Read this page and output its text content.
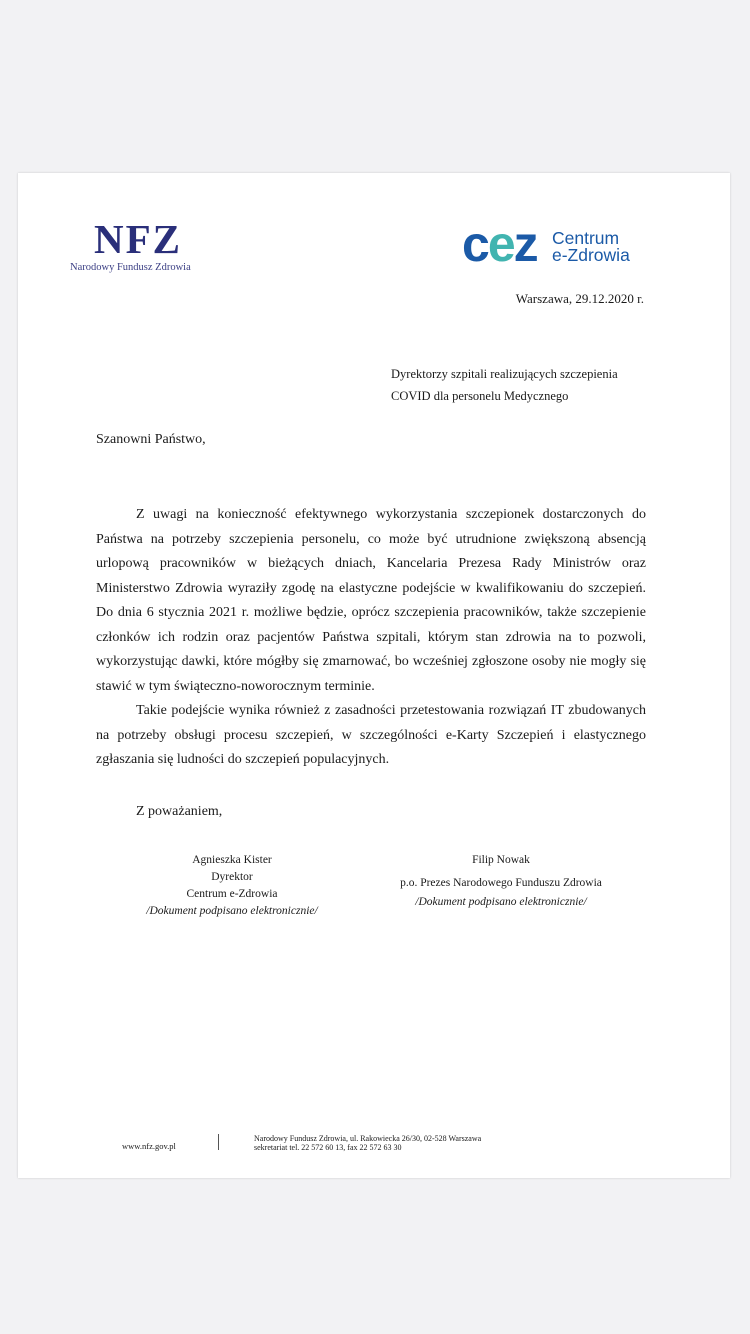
NFZ
Narodowy Fundusz Zdrowia	cez Centrum
e-Zdrowia
Warszawa, 29.12.2020 r.
Dyrektorzy szpitali realizujących szczepienia
COVID dla personelu Medycznego
Szanowni Państwo,

Z uwagi na konieczność efektywnego wykorzystania szczepionek dostarczonych do Państwa na potrzeby szczepienia personelu, co może być utrudnione zwiększoną absencją urlopową pracowników w bieżących dniach, Kancelaria Prezesa Rady Ministrów oraz Ministerstwo Zdrowia wyraziły zgodę na elastyczne podejście w kwalifikowaniu do szczepień. Do dnia 6 stycznia 2021 r. możliwe będzie, oprócz szczepienia pracowników, także szczepienie członków ich rodzin oraz pacjentów Państwa szpitali, którym stan zdrowia na to pozwoli, wykorzystując dawki, które mógłby się zmarnować, bo wcześniej zgłoszone osoby nie mogły się stawić w tym świąteczno-noworocznym terminie.

Takie podejście wynika również z zasadności przetestowania rozwiązań IT zbudowanych na potrzeby obsługi procesu szczepień, w szczególności e-Karty Szczepień i elastycznego zgłaszania się ludności do szczepień populacyjnych.

Z poważaniem,
Agnieszka Kister
Dyrektor
Centrum e-Zdrowia
/Dokument podpisano elektronicznie/
Filip Nowak
p.o. Prezes Narodowego Funduszu Zdrowia
/Dokument podpisano elektronicznie/
www.nfz.gov.pl
Narodowy Fundusz Zdrowia, ul. Rakowiecka 26/30, 02-528 Warszawa
sekretariat tel. 22 572 60 13, fax 22 572 63 30
